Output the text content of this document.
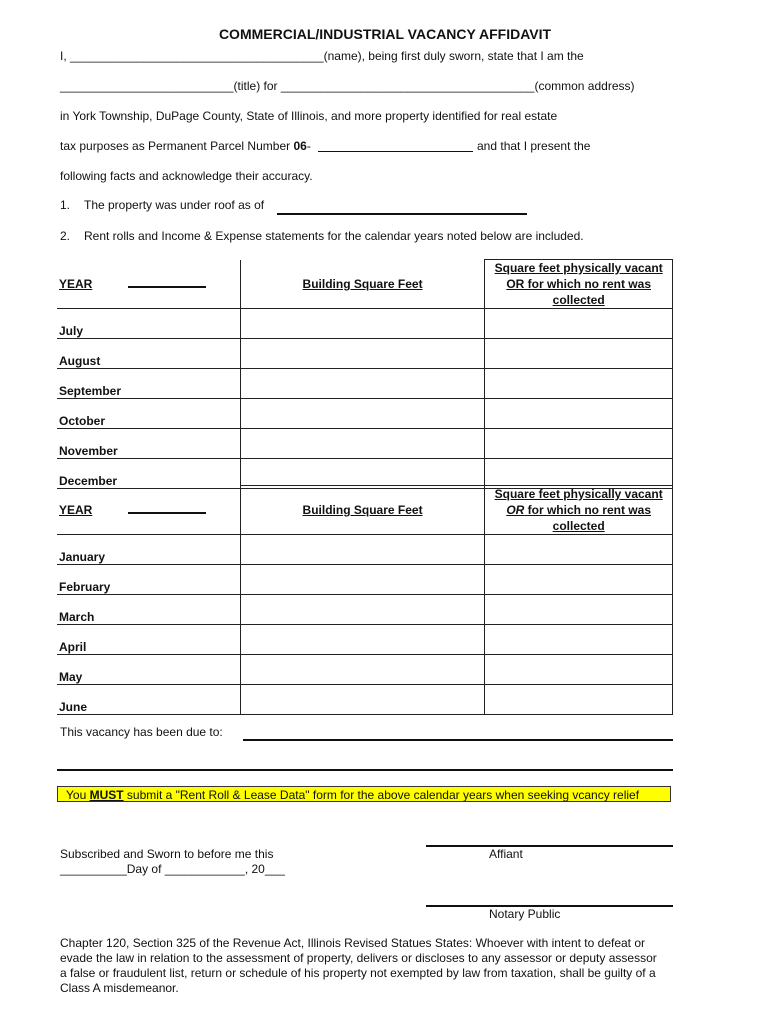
COMMERCIAL/INDUSTRIAL VACANCY AFFIDAVIT
I, ______________________________________(name), being first duly sworn, state that I am the
__________________________(title) for ______________________________________(common address)
in York Township, DuPage County, State of Illinois, and more property identified for real estate
tax purposes as Permanent Parcel Number 06-	and that I present the
following facts and acknowledge their accuracy.
1. The property was under roof as of
2. Rent rolls and Income & Expense statements for the calendar years noted below are included.
YEAR	Building Square Feet	Square feet physically vacant
OR for which no rent was
collected

July		
August		
September		
October		
November		
December		
YEAR	Building Square Feet	Square feet physically vacant
OR for which no rent was
collected

January		
February		
March		
April		
May		
June		
This vacancy has been due to:
You MUST submit a "Rent Roll & Lease Data" form for the above calendar years when seeking vcancy relief
Subscribed and Sworn to before me this
__________Day of ____________, 20___
Affiant
Notary Public
Chapter 120, Section 325 of the Revenue Act, Illinois Revised Statues States: Whoever with intent to defeat or evade the law in relation to the assessment of property, delivers or discloses to any assessor or deputy assessor a false or fraudulent list, return or schedule of his property not exempted by law from taxation, shall be guilty of a Class A misdemeanor.
